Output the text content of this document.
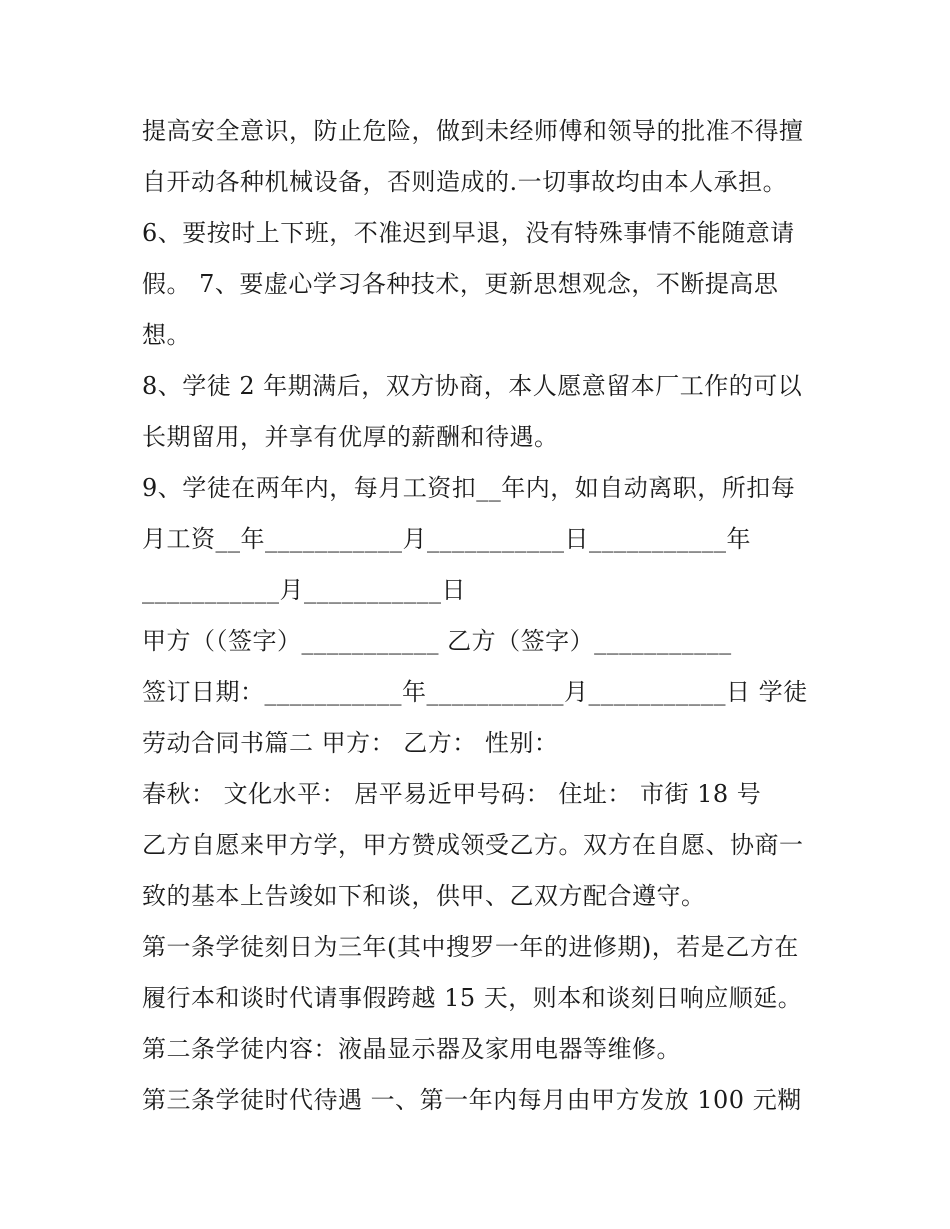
提高安全意识，防止危险，做到未经师傅和领导的批准不得擅
自开动各种机械设备，否则造成的.一切事故均由本人承担。
6、要按时上下班，不准迟到早退，没有特殊事情不能随意请
假。 7、要虚心学习各种技术，更新思想观念，不断提高思
想。
8、学徒 2 年期满后，双方协商，本人愿意留本厂工作的可以
长期留用，并享有优厚的薪酬和待遇。
9、学徒在两年内，每月工资扣__年内，如自动离职，所扣每
月工资__年___________月___________日___________年
___________月___________日
甲方（（签字）___________ 乙方（签字）___________
签订日期：___________年___________月___________日 学徒
劳动合同书篇二 甲方： 乙方： 性别：
春秋： 文化水平： 居平易近甲号码： 住址： 市街 18 号
乙方自愿来甲方学，甲方赞成领受乙方。双方在自愿、协商一
致的基本上告竣如下和谈，供甲、乙双方配合遵守。
第一条学徒刻日为三年(其中搜罗一年的进修期)，若是乙方在
履行本和谈时代请事假跨越 15 天，则本和谈刻日响应顺延。
第二条学徒内容：液晶显示器及家用电器等维修。
第三条学徒时代待遇 一、第一年内每月由甲方发放 100 元糊
